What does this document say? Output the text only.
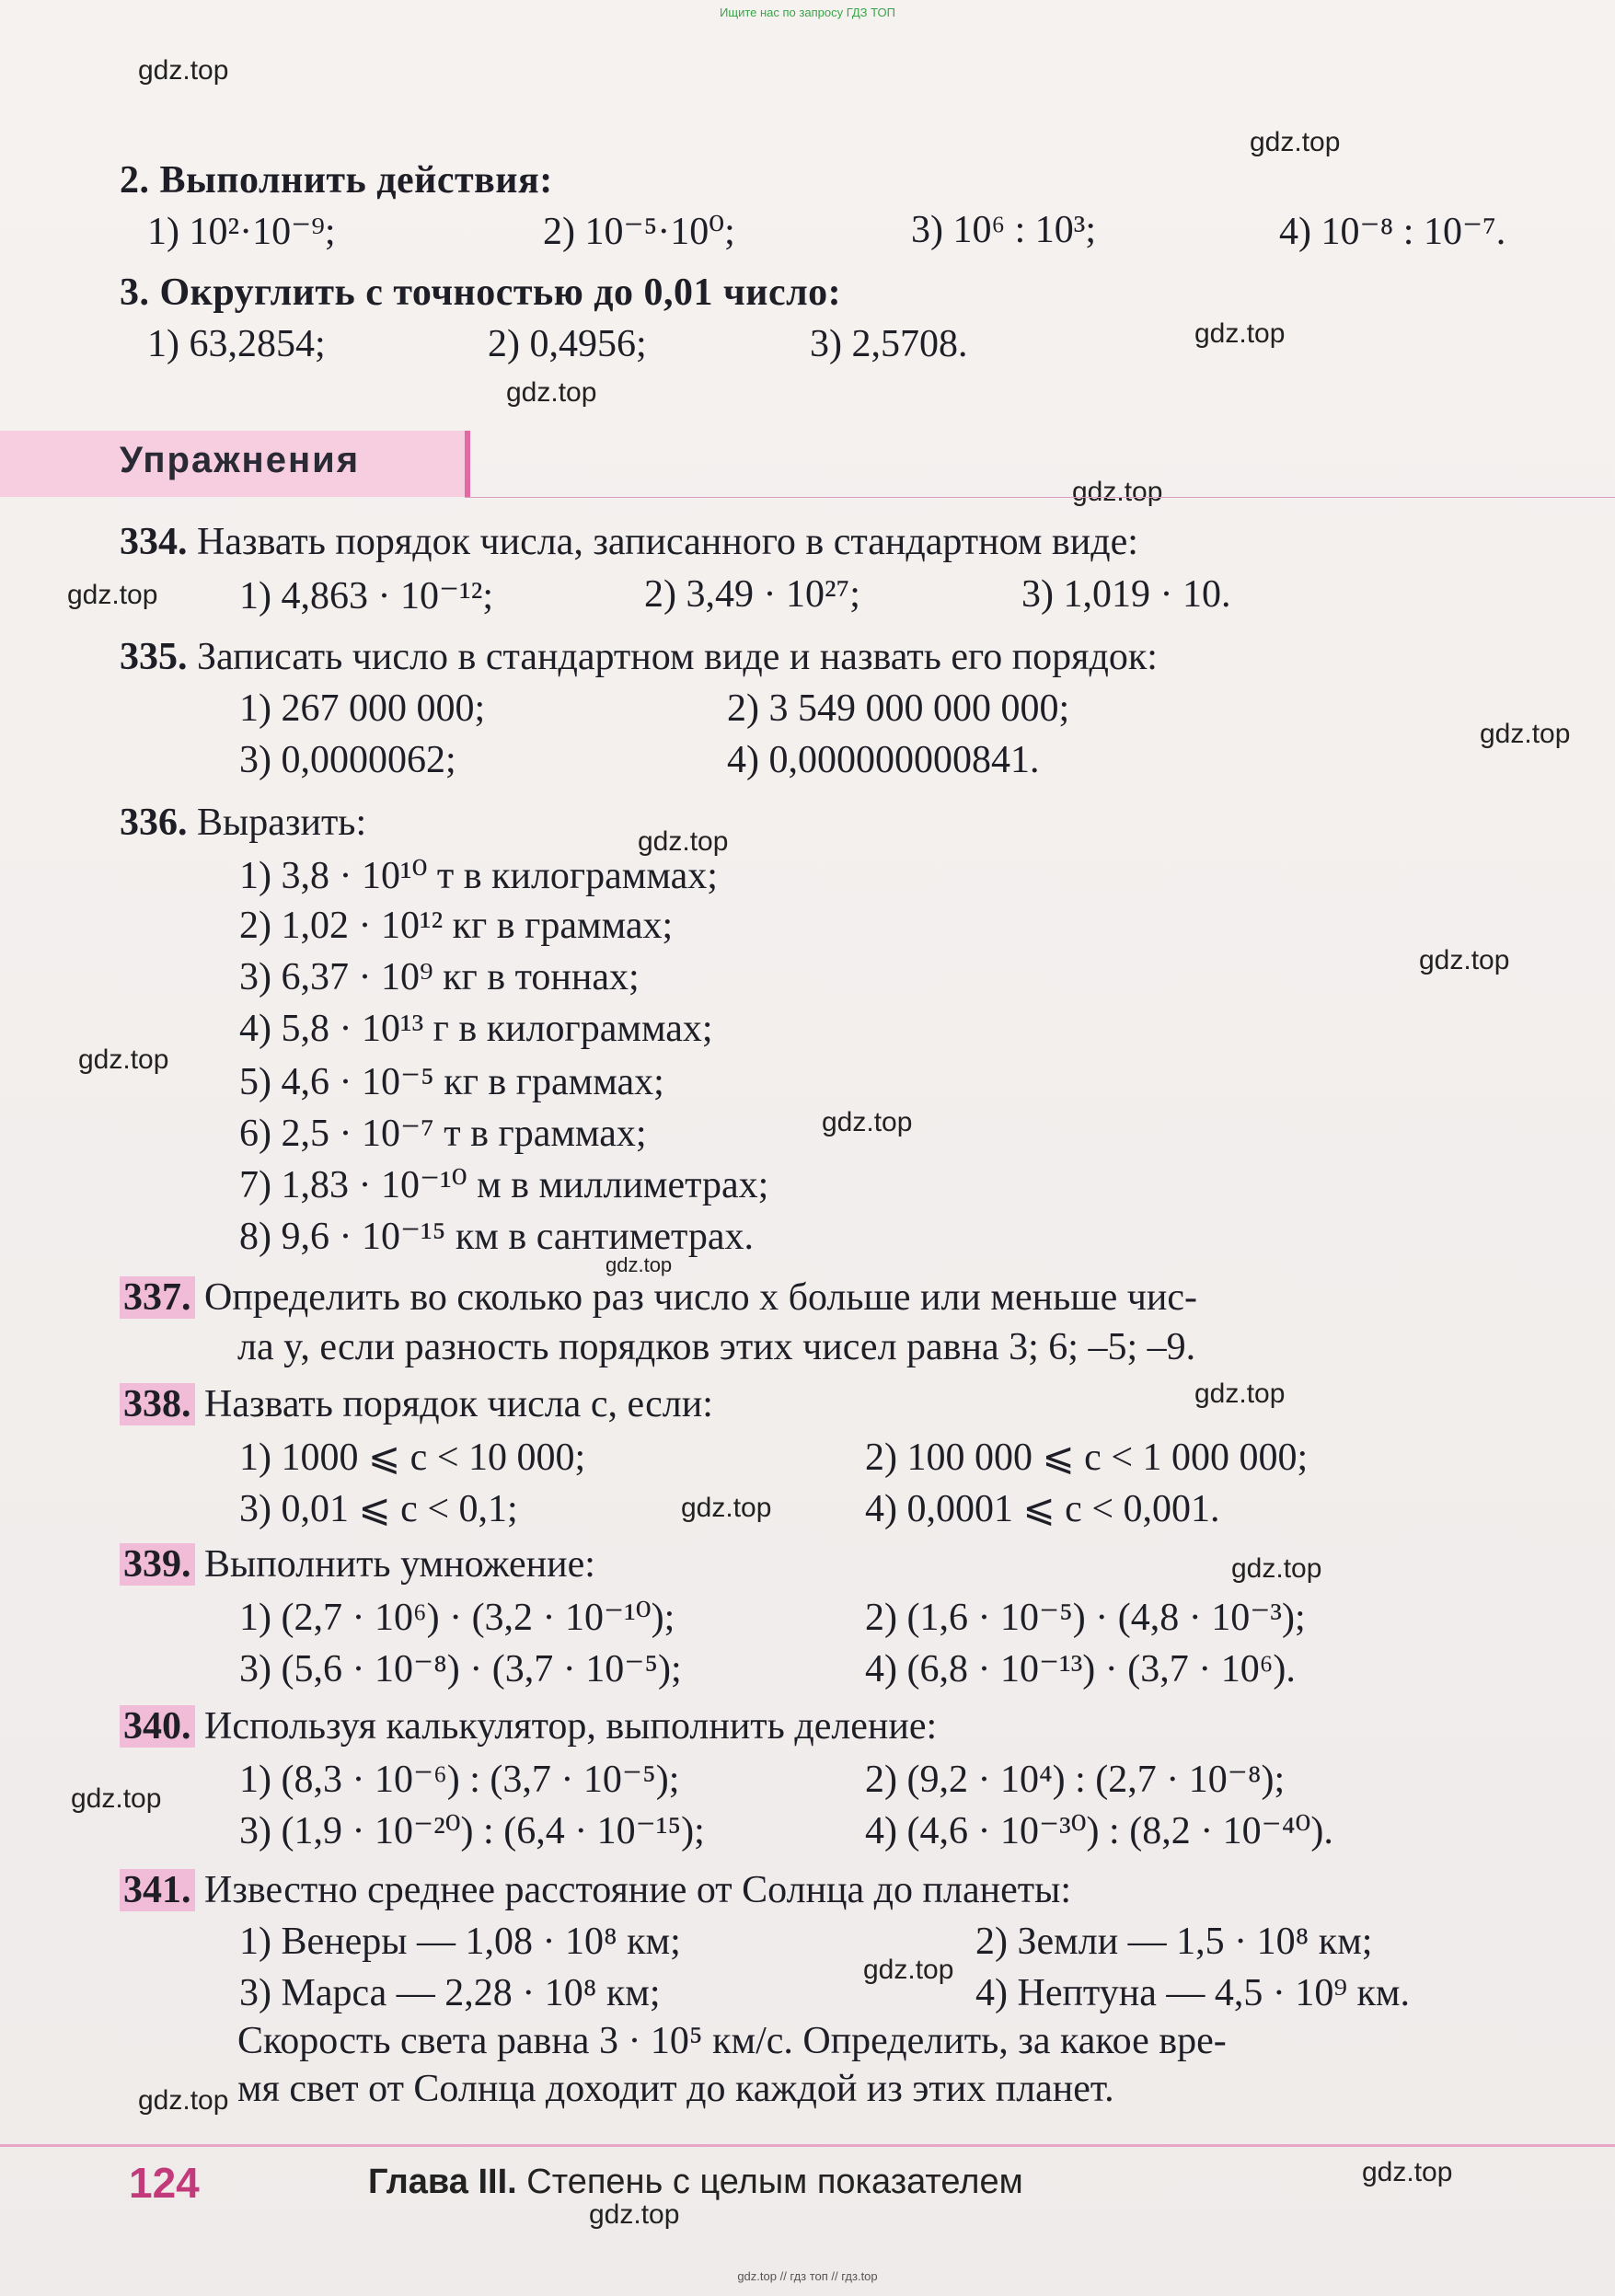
Ищите нас по запросу ГДЗ ТОП
gdz.top
gdz.top
gdz.top
gdz.top
gdz.top
gdz.top
gdz.top
gdz.top
gdz.top
gdz.top
gdz.top
gdz.top
gdz.top
gdz.top
gdz.top
gdz.top
gdz.top
gdz.top
gdz.top
gdz.top
2. Выполнить действия:
1) 10²·10⁻⁹;	2) 10⁻⁵·10⁰;	3) 10⁶ : 10³;	4) 10⁻⁸ : 10⁻⁷.
3. Округлить с точностью до 0,01 число:
1) 63,2854;	2) 0,4956;	3) 2,5708.
Упражнения
334. Назвать порядок числа, записанного в стандартном виде:
1) 4,863 · 10⁻¹²;	2) 3,49 · 10²⁷;	3) 1,019 · 10.
335. Записать число в стандартном виде и назвать его порядок:
1) 267 000 000;	2) 3 549 000 000 000;
3) 0,0000062;	4) 0,000000000841.
336. Выразить:
1) 3,8 · 10¹⁰ т в килограммах;
2) 1,02 · 10¹² кг в граммах;
3) 6,37 · 10⁹ кг в тоннах;
4) 5,8 · 10¹³ г в килограммах;
5) 4,6 · 10⁻⁵ кг в граммах;
6) 2,5 · 10⁻⁷ т в граммах;
7) 1,83 · 10⁻¹⁰ м в миллиметрах;
8) 9,6 · 10⁻¹⁵ км в сантиметрах.
337. Определить во сколько раз число x больше или меньше чис-
ла y, если разность порядков этих чисел равна 3; 6; –5; –9.
338. Назвать порядок числа c, если:
1) 1000 ⩽ c < 10 000;	2) 100 000 ⩽ c < 1 000 000;
3) 0,01 ⩽ c < 0,1;	4) 0,0001 ⩽ c < 0,001.
339. Выполнить умножение:
1) (2,7 · 10⁶) · (3,2 · 10⁻¹⁰);	2) (1,6 · 10⁻⁵) · (4,8 · 10⁻³);
3) (5,6 · 10⁻⁸) · (3,7 · 10⁻⁵);	4) (6,8 · 10⁻¹³) · (3,7 · 10⁶).
340. Используя калькулятор, выполнить деление:
1) (8,3 · 10⁻⁶) : (3,7 · 10⁻⁵);	2) (9,2 · 10⁴) : (2,7 · 10⁻⁸);
3) (1,9 · 10⁻²⁰) : (6,4 · 10⁻¹⁵);	4) (4,6 · 10⁻³⁰) : (8,2 · 10⁻⁴⁰).
341. Известно среднее расстояние от Солнца до планеты:
1) Венеры — 1,08 · 10⁸ км;	2) Земли — 1,5 · 10⁸ км;
3) Марса — 2,28 · 10⁸ км;	4) Нептуна — 4,5 · 10⁹ км.
Скорость света равна 3 · 10⁵ км/с. Определить, за какое вре-
мя свет от Солнца доходит до каждой из этих планет.
124	Глава III. Степень с целым показателем
gdz.top // гдз топ // гдз.top
